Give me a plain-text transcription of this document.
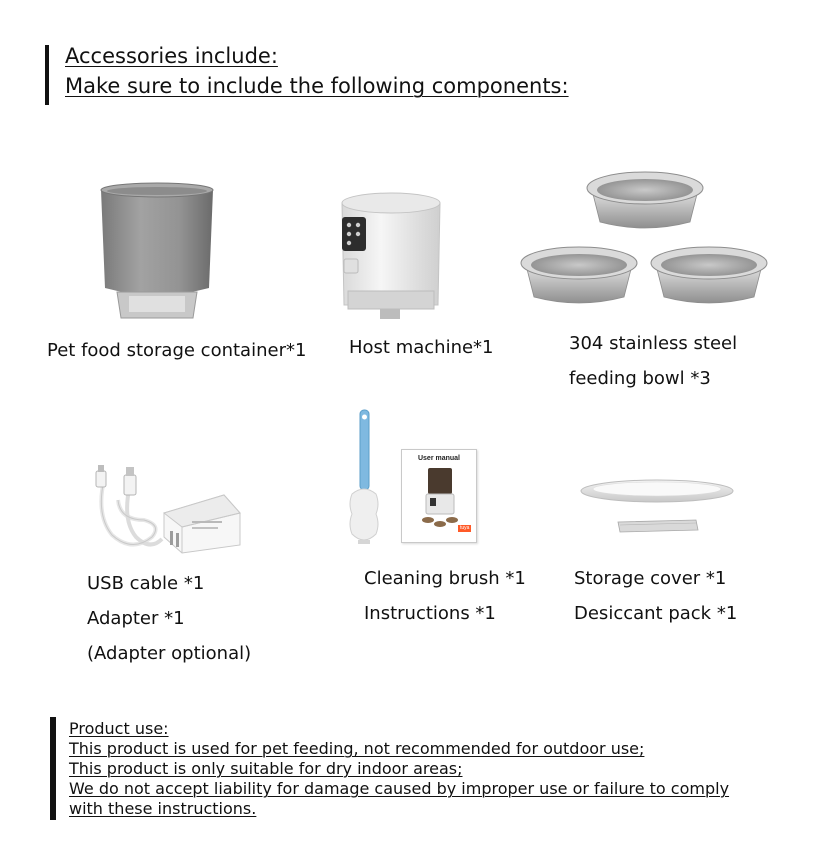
Accessories include:
Make sure to include the following components:
Pet food storage container*1 Host machine*1	304 stainless steel
feeding bowl *3
User manual
tuya
USB cable *1
Adapter *1
(Adapter optional)
Cleaning brush *1
Instructions *1
Storage cover *1
Desiccant pack *1
Product use:
This product is used for pet feeding, not recommended for outdoor use;
This product is only suitable for dry indoor areas;
We do not accept liability for damage caused by improper use or failure to comply
with these instructions.
